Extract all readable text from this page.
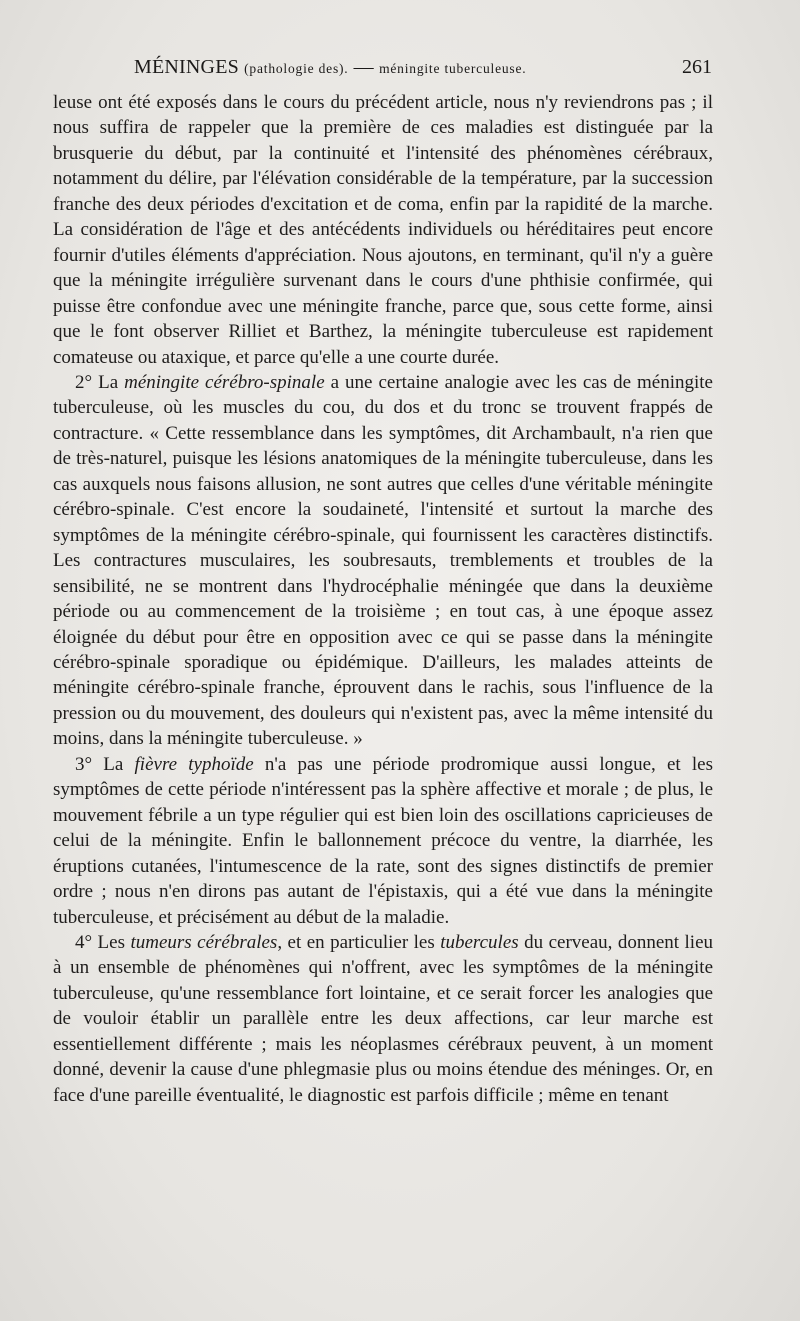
MÉNINGES (pathologie des). — méningite tuberculeuse.	261

leuse ont été exposés dans le cours du précédent article, nous n'y reviendrons pas ; il nous suffira de rappeler que la première de ces maladies est distinguée par la brusquerie du début, par la continuité et l'intensité des phénomènes cérébraux, notamment du délire, par l'élévation considérable de la température, par la succession franche des deux périodes d'excitation et de coma, enfin par la rapidité de la marche. La considération de l'âge et des antécédents individuels ou héréditaires peut encore fournir d'utiles éléments d'appréciation. Nous ajoutons, en terminant, qu'il n'y a guère que la méningite irrégulière survenant dans le cours d'une phthisie confirmée, qui puisse être confondue avec une méningite franche, parce que, sous cette forme, ainsi que le font observer Rilliet et Barthez, la méningite tuberculeuse est rapidement comateuse ou ataxique, et parce qu'elle a une courte durée.

2° La méningite cérébro-spinale a une certaine analogie avec les cas de méningite tuberculeuse, où les muscles du cou, du dos et du tronc se trouvent frappés de contracture. « Cette ressemblance dans les symptômes, dit Archambault, n'a rien que de très-naturel, puisque les lésions anatomiques de la méningite tuberculeuse, dans les cas auxquels nous faisons allusion, ne sont autres que celles d'une véritable méningite cérébro-spinale. C'est encore la soudaineté, l'intensité et surtout la marche des symptômes de la méningite cérébro-spinale, qui fournissent les caractères distinctifs. Les contractures musculaires, les soubresauts, tremblements et troubles de la sensibilité, ne se montrent dans l'hydrocéphalie méningée que dans la deuxième période ou au commencement de la troisième ; en tout cas, à une époque assez éloignée du début pour être en opposition avec ce qui se passe dans la méningite cérébro-spinale sporadique ou épidémique. D'ailleurs, les malades atteints de méningite cérébro-spinale franche, éprouvent dans le rachis, sous l'influence de la pression ou du mouvement, des douleurs qui n'existent pas, avec la même intensité du moins, dans la méningite tuberculeuse. »

3° La fièvre typhoïde n'a pas une période prodromique aussi longue, et les symptômes de cette période n'intéressent pas la sphère affective et morale ; de plus, le mouvement fébrile a un type régulier qui est bien loin des oscillations capricieuses de celui de la méningite. Enfin le ballonnement précoce du ventre, la diarrhée, les éruptions cutanées, l'intumescence de la rate, sont des signes distinctifs de premier ordre ; nous n'en dirons pas autant de l'épistaxis, qui a été vue dans la méningite tuberculeuse, et précisément au début de la maladie.

4° Les tumeurs cérébrales, et en particulier les tubercules du cerveau, donnent lieu à un ensemble de phénomènes qui n'offrent, avec les symptômes de la méningite tuberculeuse, qu'une ressemblance fort lointaine, et ce serait forcer les analogies que de vouloir établir un parallèle entre les deux affections, car leur marche est essentiellement différente ; mais les néoplasmes cérébraux peuvent, à un moment donné, devenir la cause d'une phlegmasie plus ou moins étendue des méninges. Or, en face d'une pareille éventualité, le diagnostic est parfois difficile ; même en tenant
